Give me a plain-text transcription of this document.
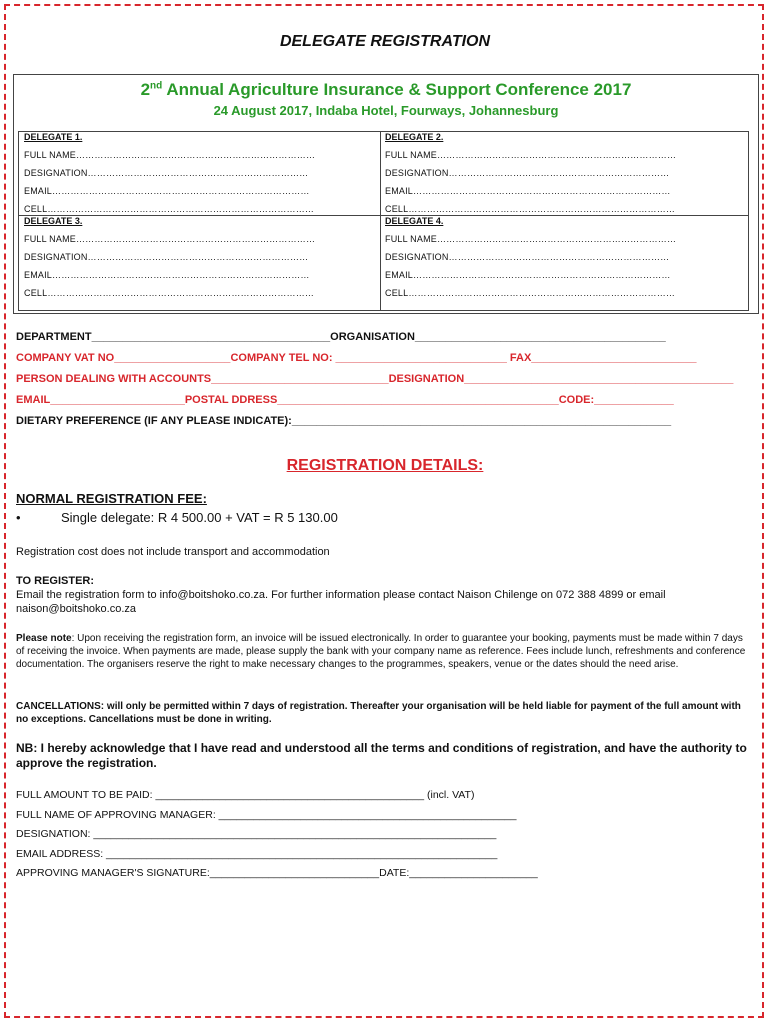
DELEGATE REGISTRATION
2nd Annual Agriculture Insurance & Support Conference 2017
24 August 2017, Indaba Hotel, Fourways, Johannesburg
DELEGATE 1.
FULL NAME……………………………………………………………………
DESIGNATION………………………………………………………………
EMAIL…………………………………………………………………………
CELL……………………………………………………………………………
DELEGATE 2.
FULL NAME……………………………………………………………………
DESIGNATION………………………………………………………………
EMAIL…………………………………………………………………………
CELL……………………………………………………………………………
DELEGATE 3.
FULL NAME……………………………………………………………………
DESIGNATION………………………………………………………………
EMAIL…………………………………………………………………………
CELL……………………………………………………………………………
DELEGATE 4.
FULL NAME……………………………………………………………………
DESIGNATION………………………………………………………………
EMAIL…………………………………………………………………………
CELL……………………………………………………………………………
DEPARTMENT_______________________________________ORGANISATION_________________________________________
COMPANY VAT NO___________________COMPANY TEL NO: ____________________________ FAX___________________________
PERSON DEALING WITH ACCOUNTS_____________________________DESIGNATION____________________________________________
EMAIL______________________POSTAL DDRESS______________________________________________CODE:_____________
DIETARY PREFERENCE (IF ANY PLEASE INDICATE):______________________________________________________________
REGISTRATION DETAILS:
NORMAL REGISTRATION FEE:
•	Single delegate: R 4 500.00 + VAT = R 5 130.00
Registration cost does not include transport and accommodation
TO REGISTER:
Email the registration form to info@boitshoko.co.za. For further information please contact Naison Chilenge on 072 388 4899 or email naison@boitshoko.co.za
Please note: Upon receiving the registration form, an invoice will be issued electronically. In order to guarantee your booking, payments must be made within 7 days of receiving the invoice. When payments are made, please supply the bank with your company name as reference. Fees include lunch, refreshments and conference documentation. The organisers reserve the right to make necessary changes to the programmes, speakers, venue or the dates should the need arise.
CANCELLATIONS: will only be permitted within 7 days of registration. Thereafter your organisation will be held liable for payment of the full amount with no exceptions. Cancellations must be done in writing.
NB: I hereby acknowledge that I have read and understood all the terms and conditions of registration, and have the authority to approve the registration.
FULL AMOUNT TO BE PAID: ______________________________________________ (incl. VAT)
FULL NAME OF APPROVING MANAGER: ___________________________________________________
DESIGNATION: _____________________________________________________________________
EMAIL ADDRESS: ___________________________________________________________________
APPROVING MANAGER'S SIGNATURE:_____________________________DATE:______________________
